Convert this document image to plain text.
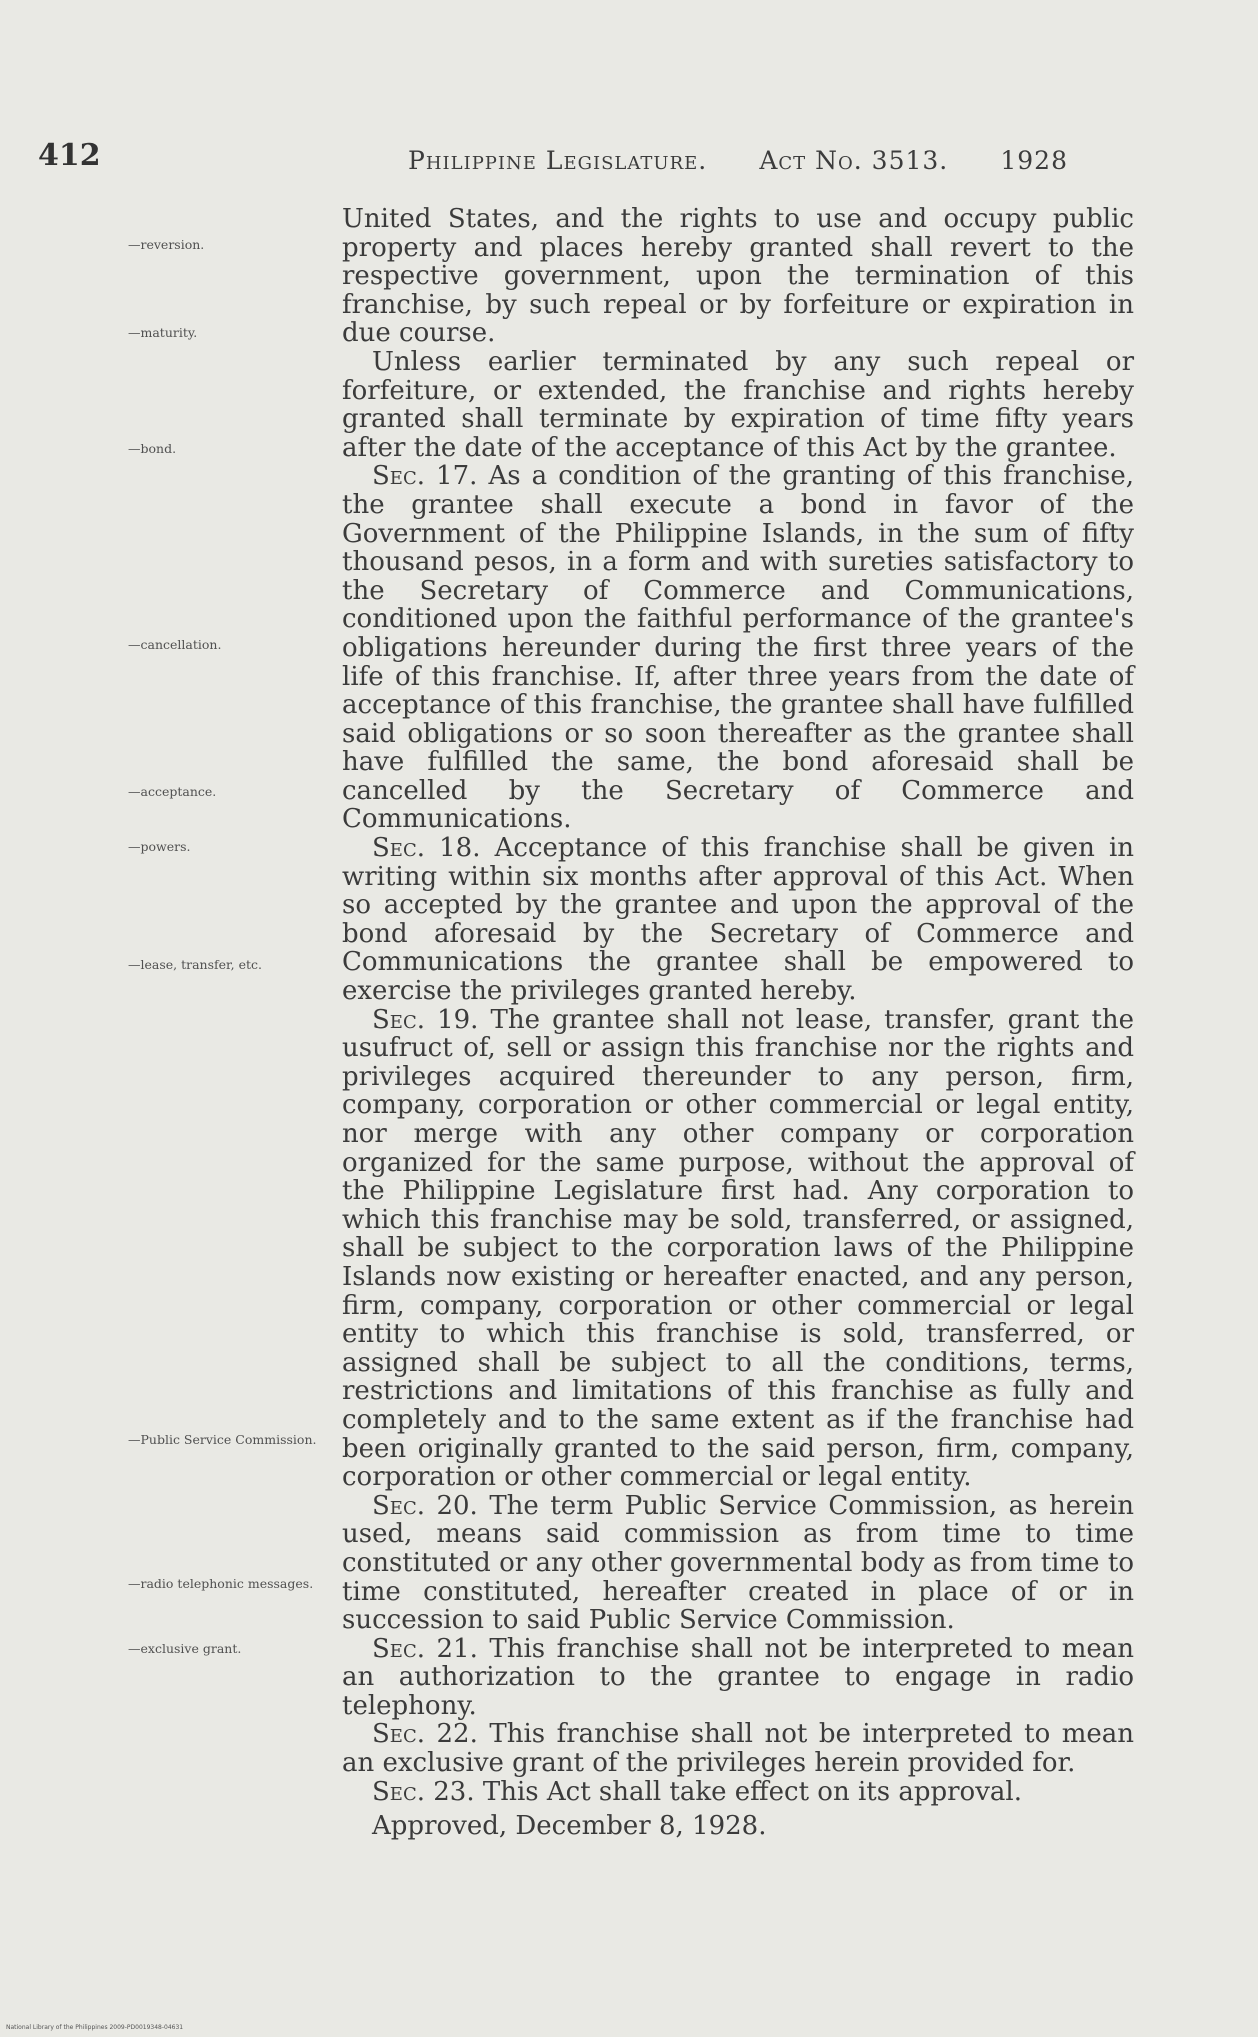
412	Philippine Legislature. Act No. 3513. 1928
—reversion.
—maturity.
—bond.
—cancellation.
—acceptance.
—powers.
—lease, transfer, etc.
—Public Service Commission.
—radio telephonic messages.
—exclusive grant.

United States, and the rights to use and occupy public property and places hereby granted shall revert to the respective government, upon the termination of this franchise, by such repeal or by forfeiture or expiration in due course.

Unless earlier terminated by any such repeal or forfeiture, or extended, the franchise and rights hereby granted shall terminate by expiration of time fifty years after the date of the acceptance of this Act by the grantee.

Sec. 17. As a condition of the granting of this franchise, the grantee shall execute a bond in favor of the Government of the Philippine Islands, in the sum of fifty thousand pesos, in a form and with sureties satisfactory to the Secretary of Commerce and Communications, conditioned upon the faithful performance of the grantee's obligations hereunder during the first three years of the life of this franchise. If, after three years from the date of acceptance of this franchise, the grantee shall have fulfilled said obligations or so soon thereafter as the grantee shall have fulfilled the same, the bond aforesaid shall be cancelled by the Secretary of Commerce and Communications.

Sec. 18. Acceptance of this franchise shall be given in writing within six months after approval of this Act. When so accepted by the grantee and upon the approval of the bond aforesaid by the Secretary of Commerce and Communications the grantee shall be empowered to exercise the privileges granted hereby.

Sec. 19. The grantee shall not lease, transfer, grant the usufruct of, sell or assign this franchise nor the rights and privileges acquired thereunder to any person, firm, company, corporation or other commercial or legal entity, nor merge with any other company or corporation organized for the same purpose, without the approval of the Philippine Legislature first had. Any corporation to which this franchise may be sold, transferred, or assigned, shall be subject to the corporation laws of the Philippine Islands now existing or hereafter enacted, and any person, firm, company, corporation or other commercial or legal entity to which this franchise is sold, transferred, or assigned shall be subject to all the conditions, terms, restrictions and limitations of this franchise as fully and completely and to the same extent as if the franchise had been originally granted to the said person, firm, company, corporation or other commercial or legal entity.

Sec. 20. The term Public Service Commission, as herein used, means said commission as from time to time constituted or any other governmental body as from time to time constituted, hereafter created in place of or in succession to said Public Service Commission.

Sec. 21. This franchise shall not be interpreted to mean an authorization to the grantee to engage in radio telephony.

Sec. 22. This franchise shall not be interpreted to mean an exclusive grant of the privileges herein provided for.

Sec. 23. This Act shall take effect on its approval.

Approved, December 8, 1928.

National Library of the Philippines 2009-PD0019348-04631
